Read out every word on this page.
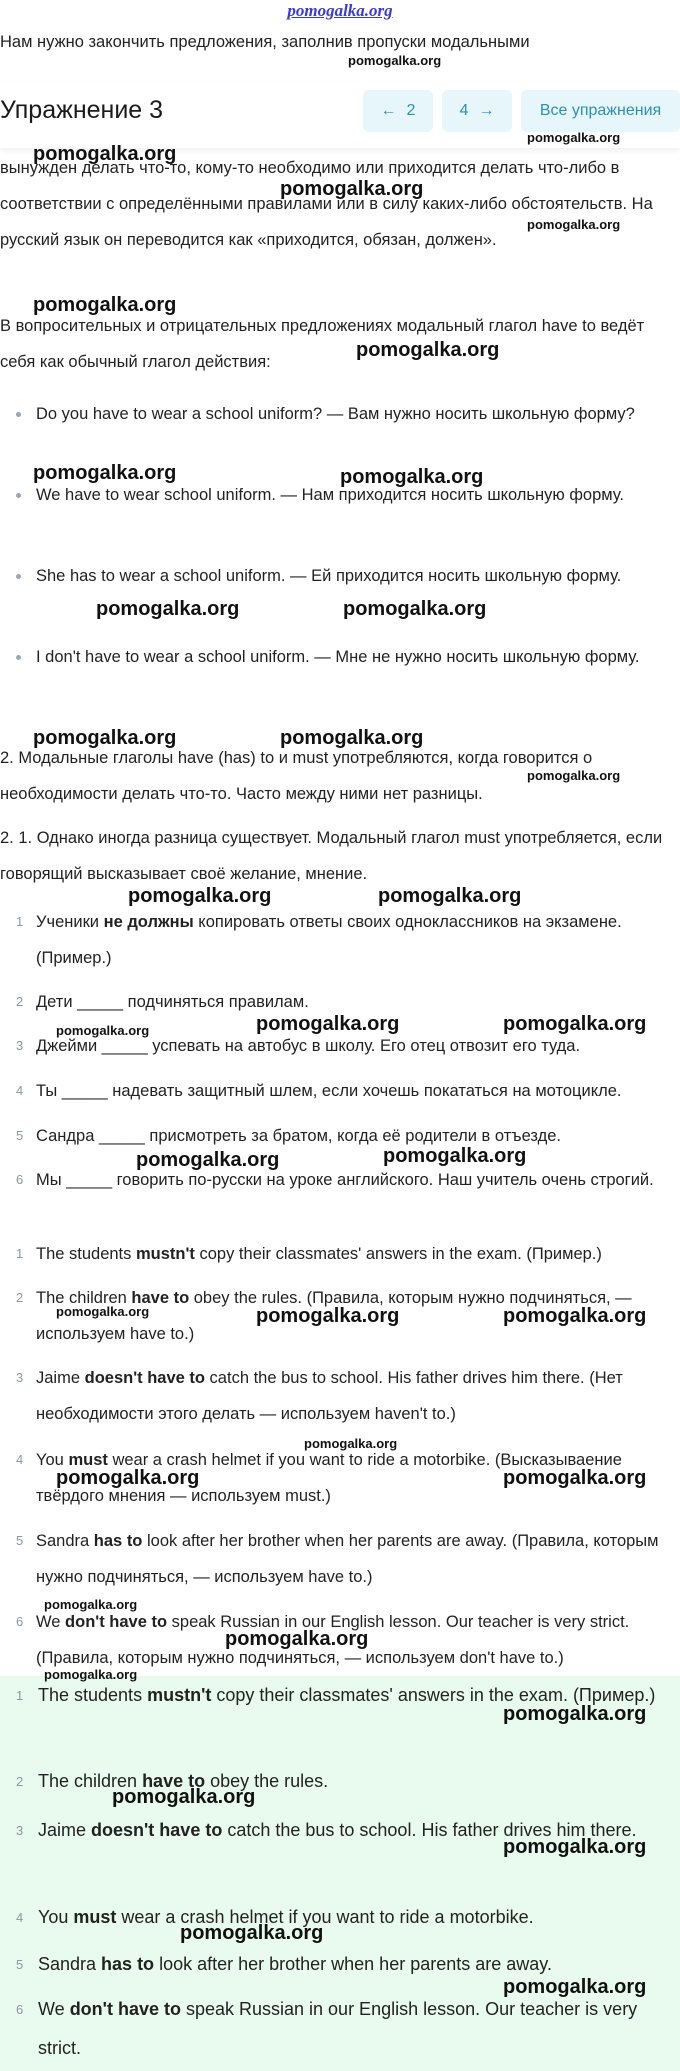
pomogalka.org

Нам нужно закончить предложения, заполнив пропуски модальными

вынужден делать что-то, кому-то необходимо или приходится делать что-либо в соответствии с определёнными правилами или в силу каких-либо обстоятельств. На русский язык он переводится как «приходится, обязан, должен».
В вопросительных и отрицательных предложениях модальный глагол have to ведёт себя как обычный глагол действия:
Do you have to wear a school uniform? — Вам нужно носить школьную форму?
We have to wear school uniform. — Нам приходится носить школьную форму.
She has to wear a school uniform. — Ей приходится носить школьную форму.
I don't have to wear a school uniform. — Мне не нужно носить школьную форму.
2. Модальные глаголы have (has) to и must употребляются, когда говорится о необходимости делать что-то. Часто между ними нет разницы.
2. 1. Однако иногда разница существует. Модальный глагол must употребляется, если говорящий высказывает своё желание, мнение.
1 Ученики не должны копировать ответы своих одноклассников на экзамене. (Пример.)
2 Дети _____ подчиняться правилам.
3 Джейми _____ успевать на автобус в школу. Его отец отвозит его туда.
4 Ты _____ надевать защитный шлем, если хочешь покататься на мотоцикле.
5 Сандра _____ присмотреть за братом, когда её родители в отъезде.
6 Мы _____ говорить по-русски на уроке английского. Наш учитель очень строгий.
1 The students mustn't copy their classmates' answers in the exam. (Пример.)
2 The children have to obey the rules. (Правила, которым нужно подчиняться, — используем have to.)
3 Jaime doesn't have to catch the bus to school. His father drives him there. (Нет необходимости этого делать — используем haven't to.)
4 You must wear a crash helmet if you want to ride a motorbike. (Высказываение твёрдого мнения — используем must.)
5 Sandra has to look after her brother when her parents are away. (Правила, которым нужно подчиняться, — используем have to.)
6 We don't have to speak Russian in our English lesson. Our teacher is very strict. (Правила, которым нужно подчиняться, — используем don't have to.)
1 The students mustn't copy their classmates' answers in the exam. (Пример.)
2 The children have to obey the rules.
3 Jaime doesn't have to catch the bus to school. His father drives him there.
4 You must wear a crash helmet if you want to ride a motorbike.
5 Sandra has to look after her brother when her parents are away.
6 We don't have to speak Russian in our English lesson. Our teacher is very strict.
Упражнение 3	← 2	4 →	Все упражнения
pomogalka.org
pomogalka.org
pomogalka.org
pomogalka.org
pomogalka.org
pomogalka.org
pomogalka.org
pomogalka.org	pomogalka.org
pomogalka.org	pomogalka.org
pomogalka.org	pomogalka.org
pomogalka.org
pomogalka.org	pomogalka.org
pomogalka.org	pomogalka.org	pomogalka.org
pomogalka.org	pomogalka.org
pomogalka.org	pomogalka.org	pomogalka.org
pomogalka.org
pomogalka.org	pomogalka.org
pomogalka.org
pomogalka.org
pomogalka.org
pomogalka.org
pomogalka.org
pomogalka.org
pomogalka.org
pomogalka.org
